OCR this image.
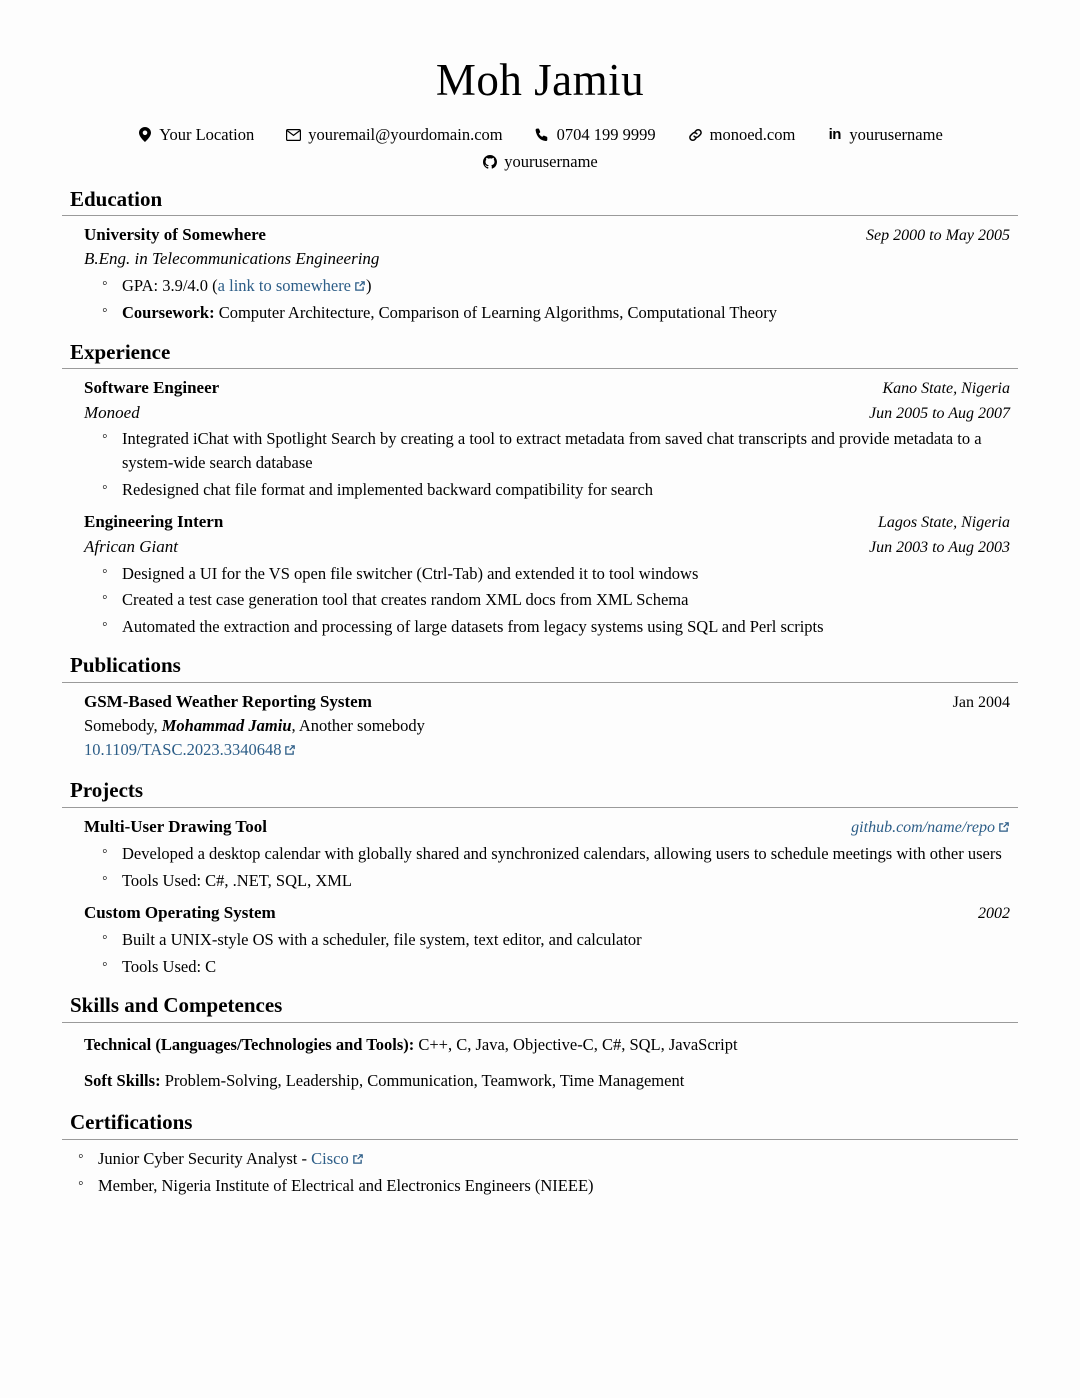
Moh Jamiu
Your Location	youremail@yourdomain.com	0704 199 9999	monoed.com in yourusername
yourusername
Education
University of Somewhere	Sep 2000 to May 2005
B.Eng. in Telecommunications Engineering
◦ GPA: 3.9/4.0 (a link to somewhere )
◦ Coursework: Computer Architecture, Comparison of Learning Algorithms, Computational Theory
Experience
Software Engineer	Kano State, Nigeria
Monoed	Jun 2005 to Aug 2007
◦ Integrated iChat with Spotlight Search by creating a tool to extract metadata from saved chat transcripts and provide metadata to a system-wide search database
◦ Redesigned chat file format and implemented backward compatibility for search
Engineering Intern	Lagos State, Nigeria
African Giant	Jun 2003 to Aug 2003
◦ Designed a UI for the VS open file switcher (Ctrl-Tab) and extended it to tool windows
◦ Created a test case generation tool that creates random XML docs from XML Schema
◦ Automated the extraction and processing of large datasets from legacy systems using SQL and Perl scripts
Publications
GSM-Based Weather Reporting System	Jan 2004
Somebody, Mohammad Jamiu, Another somebody
10.1109/TASC.2023.3340648
Projects
Multi-User Drawing Tool	github.com/name/repo
◦ Developed a desktop calendar with globally shared and synchronized calendars, allowing users to schedule meetings with other users
◦ Tools Used: C#, .NET, SQL, XML
Custom Operating System	2002
◦ Built a UNIX-style OS with a scheduler, file system, text editor, and calculator
◦ Tools Used: C
Skills and Competences
Technical (Languages/Technologies and Tools): C++, C, Java, Objective-C, C#, SQL, JavaScript
Soft Skills: Problem-Solving, Leadership, Communication, Teamwork, Time Management
Certifications
◦ Junior Cyber Security Analyst - Cisco
◦ Member, Nigeria Institute of Electrical and Electronics Engineers (NIEEE)
